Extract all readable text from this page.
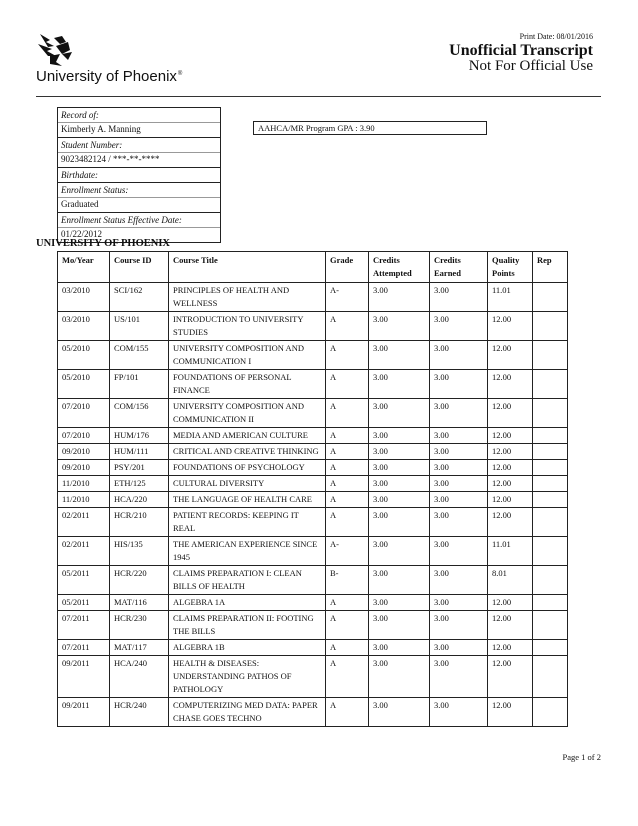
University of Phoenix®
Print Date: 08/01/2016
Unofficial Transcript
Not For Official Use
Record of:
Kimberly A. Manning
Student Number:
9023482124 / ***-**-****
Birthdate:
Enrollment Status:
Graduated
Enrollment Status Effective Date:
01/22/2012
AAHCA/MR Program GPA : 3.90
UNIVERSITY OF PHOENIX
Mo/Year	Course ID	Course Title	Grade	Credits Attempted	Credits Earned	Quality Points	Rep
03/2010	SCI/162	PRINCIPLES OF HEALTH AND WELLNESS	A-	3.00	3.00	11.01	
03/2010	US/101	INTRODUCTION TO UNIVERSITY STUDIES	A	3.00	3.00	12.00	
05/2010	COM/155	UNIVERSITY COMPOSITION AND COMMUNICATION I	A	3.00	3.00	12.00	
05/2010	FP/101	FOUNDATIONS OF PERSONAL FINANCE	A	3.00	3.00	12.00	
07/2010	COM/156	UNIVERSITY COMPOSITION AND COMMUNICATION II	A	3.00	3.00	12.00	
07/2010	HUM/176	MEDIA AND AMERICAN CULTURE	A	3.00	3.00	12.00	
09/2010	HUM/111	CRITICAL AND CREATIVE THINKING	A	3.00	3.00	12.00	
09/2010	PSY/201	FOUNDATIONS OF PSYCHOLOGY	A	3.00	3.00	12.00	
11/2010	ETH/125	CULTURAL DIVERSITY	A	3.00	3.00	12.00	
11/2010	HCA/220	THE LANGUAGE OF HEALTH CARE	A	3.00	3.00	12.00	
02/2011	HCR/210	PATIENT RECORDS: KEEPING IT REAL	A	3.00	3.00	12.00	
02/2011	HIS/135	THE AMERICAN EXPERIENCE SINCE 1945	A-	3.00	3.00	11.01	
05/2011	HCR/220	CLAIMS PREPARATION I: CLEAN BILLS OF HEALTH	B-	3.00	3.00	8.01	
05/2011	MAT/116	ALGEBRA 1A	A	3.00	3.00	12.00	
07/2011	HCR/230	CLAIMS PREPARATION II: FOOTING THE BILLS	A	3.00	3.00	12.00	
07/2011	MAT/117	ALGEBRA 1B	A	3.00	3.00	12.00	
09/2011	HCA/240	HEALTH & DISEASES: UNDERSTANDING PATHOS OF PATHOLOGY	A	3.00	3.00	12.00	
09/2011	HCR/240	COMPUTERIZING MED DATA: PAPER CHASE GOES TECHNO	A	3.00	3.00	12.00	
Page 1 of 2
